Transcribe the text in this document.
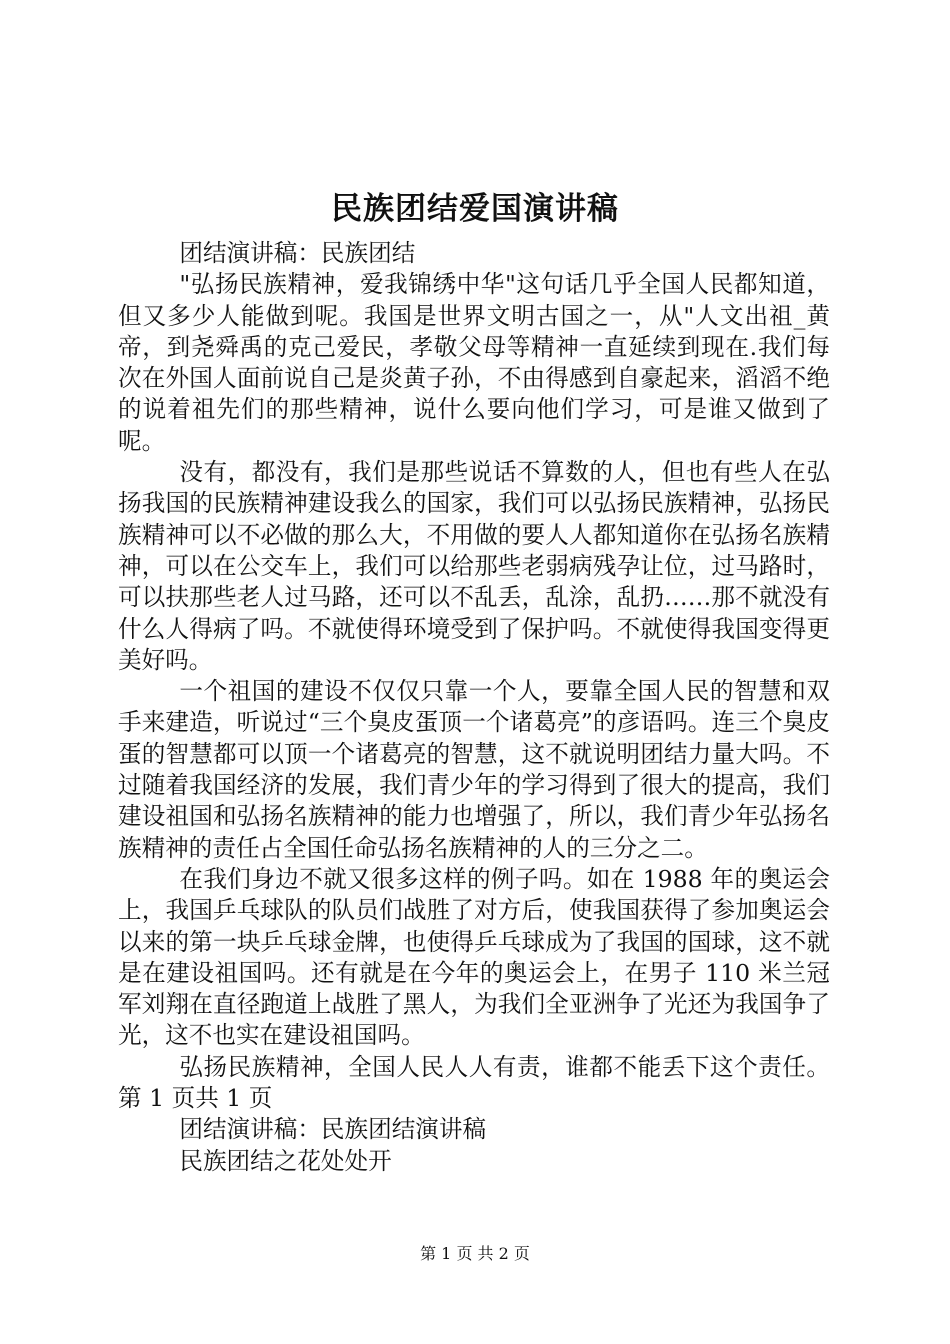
民族团结爱国演讲稿

团结演讲稿：民族团结

"弘扬民族精神，爱我锦绣中华"这句话几乎全国人民都知道，但又多少人能做到呢。我国是世界文明古国之一，从"人文出祖_黄帝，到尧舜禹的克己爱民，孝敬父母等精神一直延续到现在.我们每次在外国人面前说自己是炎黄子孙，不由得感到自豪起来，滔滔不绝的说着祖先们的那些精神，说什么要向他们学习，可是谁又做到了呢。

没有，都没有，我们是那些说话不算数的人，但也有些人在弘扬我国的民族精神建设我么的国家，我们可以弘扬民族精神，弘扬民族精神可以不必做的那么大，不用做的要人人都知道你在弘扬名族精神，可以在公交车上，我们可以给那些老弱病残孕让位，过马路时，可以扶那些老人过马路，还可以不乱丢，乱涂，乱扔……那不就没有什么人得病了吗。不就使得环境受到了保护吗。不就使得我国变得更美好吗。

一个祖国的建设不仅仅只靠一个人，要靠全国人民的智慧和双手来建造，听说过“三个臭皮蛋顶一个诸葛亮”的彦语吗。连三个臭皮蛋的智慧都可以顶一个诸葛亮的智慧，这不就说明团结力量大吗。不过随着我国经济的发展，我们青少年的学习得到了很大的提高，我们建设祖国和弘扬名族精神的能力也增强了，所以，我们青少年弘扬名族精神的责任占全国任命弘扬名族精神的人的三分之二。

在我们身边不就又很多这样的例子吗。如在 1988 年的奥运会上，我国乒乓球队的队员们战胜了对方后，使我国获得了参加奥运会以来的第一块乒乓球金牌，也使得乒乓球成为了我国的国球，这不就是在建设祖国吗。还有就是在今年的奥运会上，在男子 110 米兰冠军刘翔在直径跑道上战胜了黑人，为我们全亚洲争了光还为我国争了光，这不也实在建设祖国吗。

弘扬民族精神，全国人民人人有责，谁都不能丢下这个责任。第 1 页共 1 页

团结演讲稿：民族团结演讲稿

民族团结之花处处开

第 1 页 共 2 页
